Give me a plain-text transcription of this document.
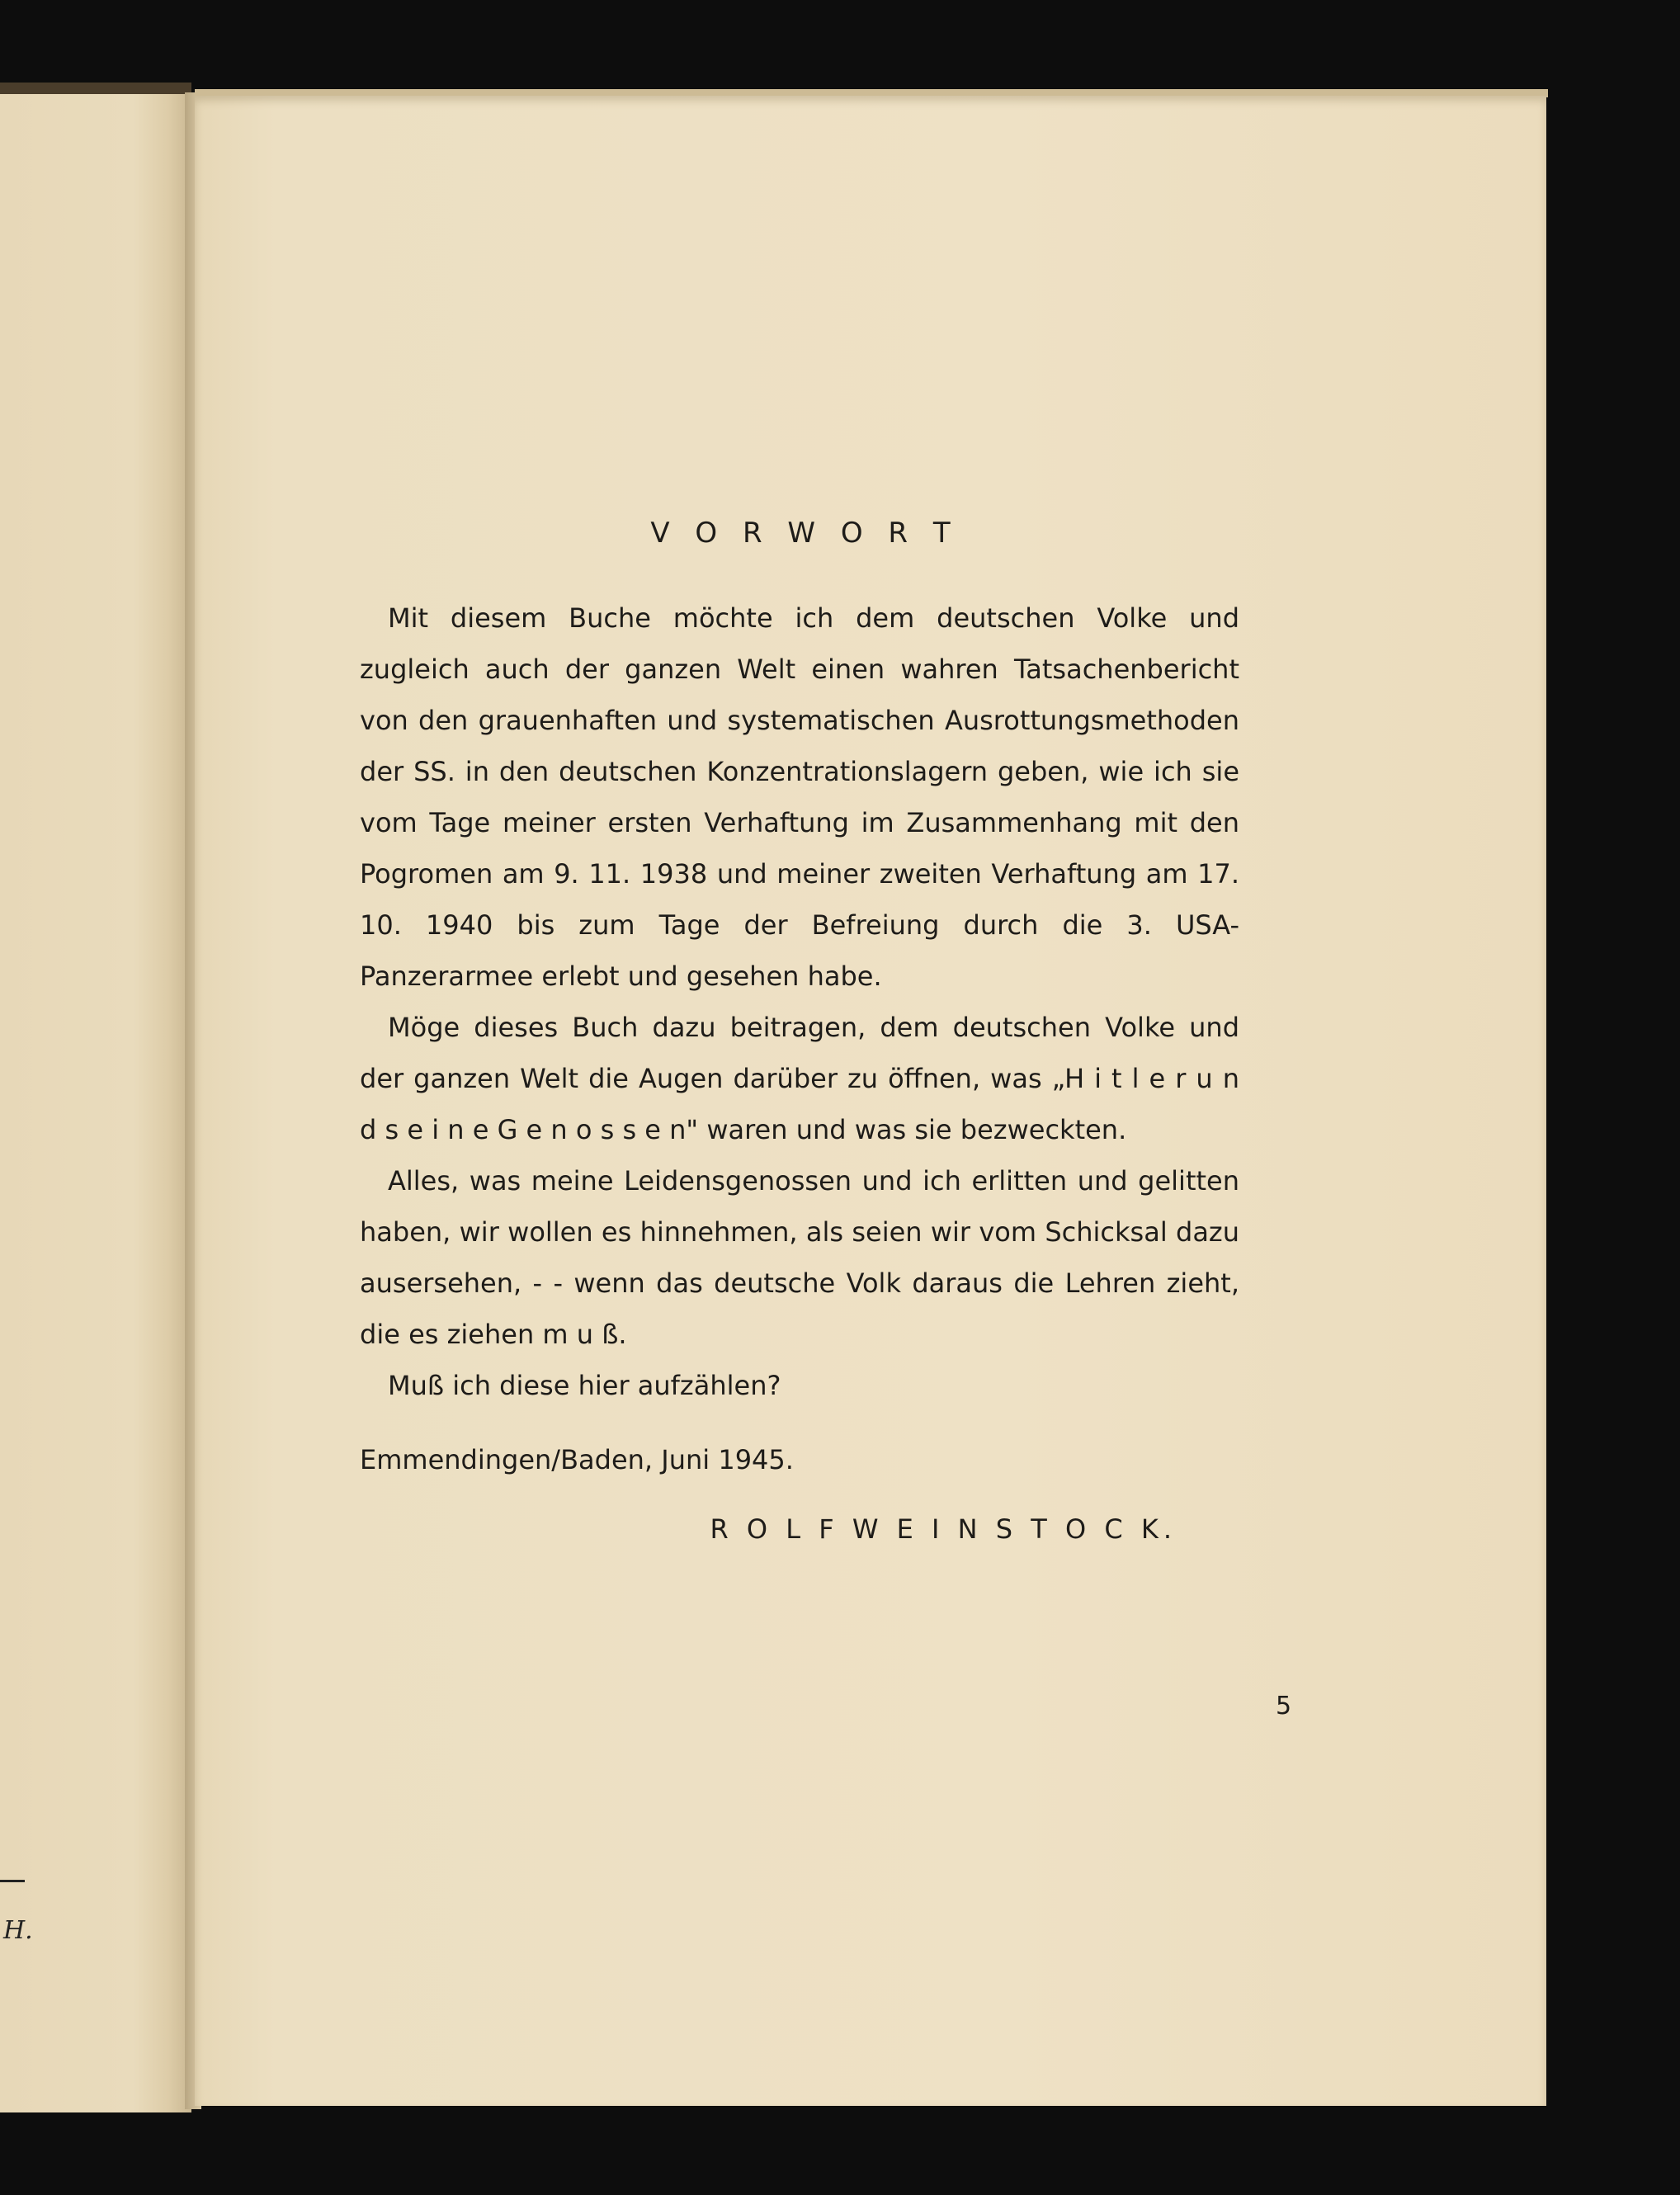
H.
V O R W O R T

Mit diesem Buche möchte ich dem deutschen Volke und zugleich auch der ganzen Welt einen wahren Tatsachenbericht von den grauenhaften und systematischen Ausrottungsmethoden der SS. in den deutschen Konzentrationslagern geben, wie ich sie vom Tage meiner ersten Verhaftung im Zusammenhang mit den Pogromen am 9. 11. 1938 und meiner zweiten Verhaftung am 17. 10. 1940 bis zum Tage der Befreiung durch die 3. USA-Panzerarmee erlebt und gesehen habe.

Möge dieses Buch dazu beitragen, dem deutschen Volke und der ganzen Welt die Augen darüber zu öffnen, was „H i t l e r u n d s e i n e G e n o s s e n" waren und was sie bezweckten.

Alles, was meine Leidensgenossen und ich erlitten und gelitten haben, wir wollen es hinnehmen, als seien wir vom Schicksal dazu ausersehen, - - wenn das deutsche Volk daraus die Lehren zieht, die es ziehen m u ß.

Muß ich diese hier aufzählen?

Emmendingen/Baden, Juni 1945.

R O L F W E I N S T O C K.

5
